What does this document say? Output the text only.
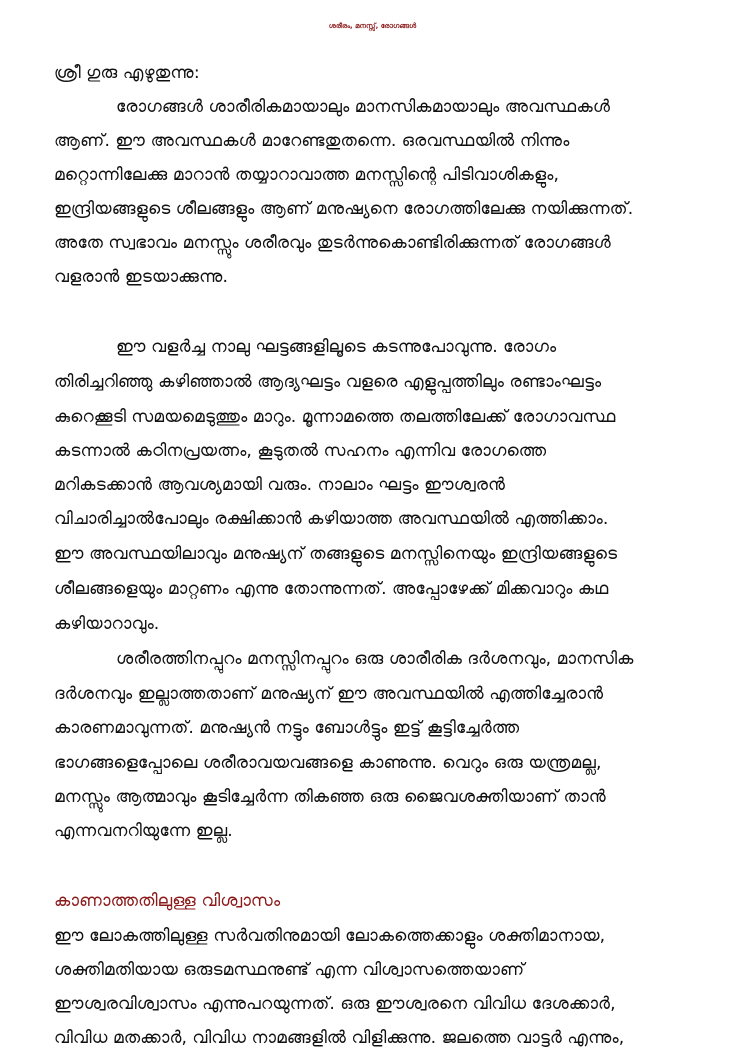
ശരീരം, മനസ്സ്, രോഗങ്ങൾ
ശ്രീ ഗുരു എഴുതുന്നു:
രോഗങ്ങൾ ശാരീരികമായാലും മാനസികമായാലും അവസ്ഥകൾ
ആണ്. ഈ അവസ്ഥകൾ മാറേണ്ടതുതന്നെ. ഒരവസ്ഥയിൽ നിന്നും
മറ്റൊന്നിലേക്കു മാറാൻ തയ്യാറാവാത്ത മനസ്സിന്റെ പിടിവാശികളും,
ഇന്ദ്രിയങ്ങളുടെ ശീലങ്ങളും ആണ് മനുഷ്യനെ രോഗത്തിലേക്കു നയിക്കുന്നത്.
അതേ സ്വഭാവം മനസ്സും ശരീരവും തുടർന്നുകൊണ്ടിരിക്കുന്നത് രോഗങ്ങൾ
വളരാൻ ഇടയാക്കുന്നു.
ഈ വളർച്ച നാലു ഘട്ടങ്ങളിലൂടെ കടന്നുപോവുന്നു. രോഗം
തിരിച്ചറിഞ്ഞു കഴിഞ്ഞാൽ ആദ്യഘട്ടം വളരെ എളുപ്പത്തിലും രണ്ടാംഘട്ടം
കുറെക്കൂടി സമയമെടുത്തും മാറും. മൂന്നാമത്തെ തലത്തിലേക്ക് രോഗാവസ്ഥ
കടന്നാൽ കഠിനപ്രയത്നം, കൂടുതൽ സഹനം എന്നിവ രോഗത്തെ
മറികടക്കാൻ ആവശ്യമായി വരും. നാലാം ഘട്ടം ഈശ്വരൻ
വിചാരിച്ചാൽപോലും രക്ഷിക്കാൻ കഴിയാത്ത അവസ്ഥയിൽ എത്തിക്കാം.
ഈ അവസ്ഥയിലാവും മനുഷ്യന് തങ്ങളുടെ മനസ്സിനെയും ഇന്ദ്രിയങ്ങളുടെ
ശീലങ്ങളെയും മാറ്റണം എന്നു തോന്നുന്നത്. അപ്പോഴേക്ക് മിക്കവാറും കഥ
കഴിയാറാവും.
ശരീരത്തിനപ്പുറം മനസ്സിനപ്പുറം ഒരു ശാരീരിക ദർശനവും, മാനസിക
ദർശനവും ഇല്ലാത്തതാണ് മനുഷ്യന് ഈ അവസ്ഥയിൽ എത്തിച്ചേരാൻ
കാരണമാവുന്നത്. മനുഷ്യൻ നട്ടും ബോൾട്ടും ഇട്ട് കൂട്ടിച്ചേർത്ത
ഭാഗങ്ങളെപ്പോലെ ശരീരാവയവങ്ങളെ കാണുന്നു. വെറും ഒരു യന്ത്രമല്ല,
മനസ്സും ആത്മാവും കൂടിച്ചേർന്ന തികഞ്ഞ ഒരു ജൈവശക്തിയാണ് താൻ
എന്നവനറിയുന്നേ ഇല്ല.
കാണാത്തതിലുള്ള വിശ്വാസം
ഈ ലോകത്തിലുള്ള സർവതിനുമായി ലോകത്തെക്കാളും ശക്തിമാനായ,
ശക്തിമതിയായ ഒരുടമസ്ഥനുണ്ട് എന്ന വിശ്വാസത്തെയാണ്
ഈശ്വരവിശ്വാസം എന്നുപറയുന്നത്. ഒരു ഈശ്വരനെ വിവിധ ദേശക്കാർ,
വിവിധ മതക്കാർ, വിവിധ നാമങ്ങളിൽ വിളിക്കുന്നു. ജലത്തെ വാട്ടർ എന്നും,
